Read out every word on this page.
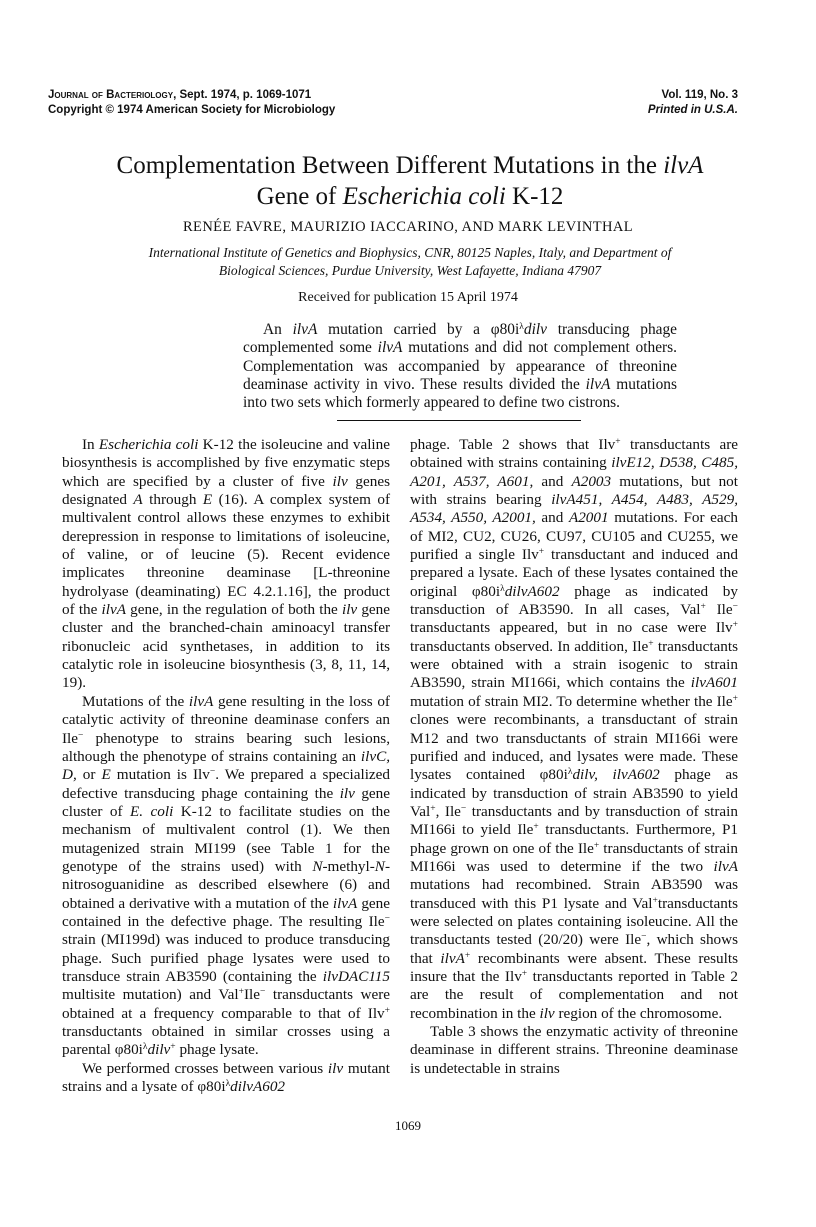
Journal of Bacteriology, Sept. 1974, p. 1069-1071
Copyright © 1974 American Society for Microbiology
Vol. 119, No. 3
Printed in U.S.A.
Complementation Between Different Mutations in the ilvA
Gene of Escherichia coli K-12
RENÉE FAVRE, MAURIZIO IACCARINO, AND MARK LEVINTHAL
International Institute of Genetics and Biophysics, CNR, 80125 Naples, Italy, and Department of
Biological Sciences, Purdue University, West Lafayette, Indiana 47907
Received for publication 15 April 1974

An ilvA mutation carried by a $\varphi 80i^\lambda dilv$ transducing phage complemented some ilvA mutations and did not complement others. Complementation was accompanied by appearance of threonine deaminase activity in vivo. These results divided the ilvA mutations into two sets which formerly appeared to define two cistrons.

In Escherichia coli K-12 the isoleucine and valine biosynthesis is accomplished by five enzymatic steps which are specified by a cluster of five ilv genes designated A through E (16). A complex system of multivalent control allows these enzymes to exhibit derepression in response to limitations of isoleucine, of valine, or of leucine (5). Recent evidence implicates threonine deaminase [L-threonine hydrolyase (deaminating) EC 4.2.1.16], the product of the ilvA gene, in the regulation of both the ilv gene cluster and the branched-chain aminoacyl transfer ribonucleic acid synthetases, in addition to its catalytic role in isoleucine biosynthesis (3, 8, 11, 14, 19).

Mutations of the ilvA gene resulting in the loss of catalytic activity of threonine deaminase confers an Ile− phenotype to strains bearing such lesions, although the phenotype of strains containing an ilvC, D, or E mutation is Ilv−. We prepared a specialized defective transducing phage containing the ilv gene cluster of E. coli K-12 to facilitate studies on the mechanism of multivalent control (1). We then mutagenized strain MI199 (see Table 1 for the genotype of the strains used) with N-methyl-N-nitrosoguanidine as described elsewhere (6) and obtained a derivative with a mutation of the ilvA gene contained in the defective phage. The resulting Ile− strain (MI199d) was induced to produce transducing phage. Such purified phage lysates were used to transduce strain AB3590 (containing the ilvDAC115 multisite mutation) and Val+Ile− transductants were obtained at a frequency comparable to that of Ilv+ transductants obtained in similar crosses using a parental $\varphi 80i^\lambda dilv^+$ phage lysate.

We performed crosses between various ilv mutant strains and a lysate of $\varphi 80i^\lambda dilvA602$

phage. Table 2 shows that Ilv+ transductants are obtained with strains containing ilvE12, D538, C485, A201, A537, A601, and A2003 mutations, but not with strains bearing ilvA451, A454, A483, A529, A534, A550, A2001, and A2001 mutations. For each of MI2, CU2, CU26, CU97, CU105 and CU255, we purified a single Ilv+ transductant and induced and prepared a lysate. Each of these lysates contained the original $\varphi 80i^\lambda dilvA602$ phage as indicated by transduction of AB3590. In all cases, Val+ Ile− transductants appeared, but in no case were Ilv+ transductants observed. In addition, Ile+ transductants were obtained with a strain isogenic to strain AB3590, strain MI166i, which contains the ilvA601 mutation of strain MI2. To determine whether the Ile+ clones were recombinants, a transductant of strain M12 and two transductants of strain MI166i were purified and induced, and lysates were made. These lysates contained $\varphi 80i^\lambda dilv$, ilvA602 phage as indicated by transduction of strain AB3590 to yield Val+, Ile− transductants and by transduction of strain MI166i to yield Ile+ transductants. Furthermore, P1 phage grown on one of the Ile+ transductants of strain MI166i was used to determine if the two ilvA mutations had recombined. Strain AB3590 was transduced with this P1 lysate and Val+transductants were selected on plates containing isoleucine. All the transductants tested (20/20) were Ile−, which shows that ilvA+ recombinants were absent. These results insure that the Ilv+ transductants reported in Table 2 are the result of complementation and not recombination in the ilv region of the chromosome.

Table 3 shows the enzymatic activity of threonine deaminase in different strains. Threonine deaminase is undetectable in strains

1069
